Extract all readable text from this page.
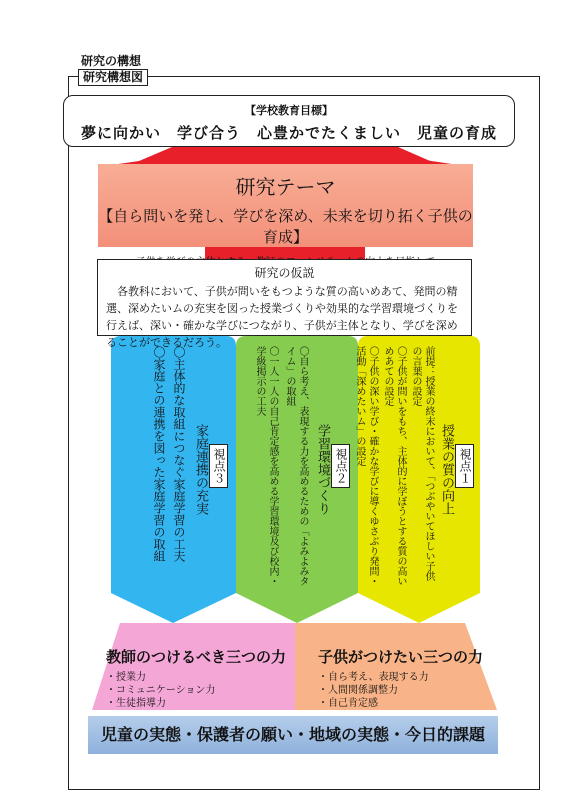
研究の構想
研究構想図
【学校教育目標】
夢に向かい　学び合う　心豊かでたくましい　児童の育成
研究テーマ
【自ら問いを発し、学びを深め、未来を切り拓く子供の育成】
研究の仮説
各教科において、子供が問いをもつような質の高いめあて、発問の精選、深めたいムの充実を図った授業づくりや効果的な学習環境づくりを行えば、深い・確かな学びにつながり、子供が主体となり、学びを深めることができるだろう。
視点１
授業の質の向上
前提：授業の終末において、「つぶやいてほしい子供の言葉の設定
〇子供が問いをもち、主体的に学ぼうとする質の高いめあての設定
〇子供の深い学び・確かな学びに導くゆさぶり発問・活動「深めたいム」の設定
視点２
学習環境づくり
〇自ら考え、表現する力を高めるための「よみよみタイム」の取組
〇一人一人の自己肯定感を高める学習環境及び校内・学級掲示の工夫
視点３
家庭連携の充実
〇主体的な取組につなぐ家庭学習の工夫
〇家庭との連携を図った家庭学習の取組
教師のつけるべき三つの力
・授業力
・コミュニケーション力
・生徒指導力
子供がつけたい三つの力
・自ら考え、表現する力
・人間関係調整力
・自己肯定感
児童の実態・保護者の願い・地域の実態・今日的課題
